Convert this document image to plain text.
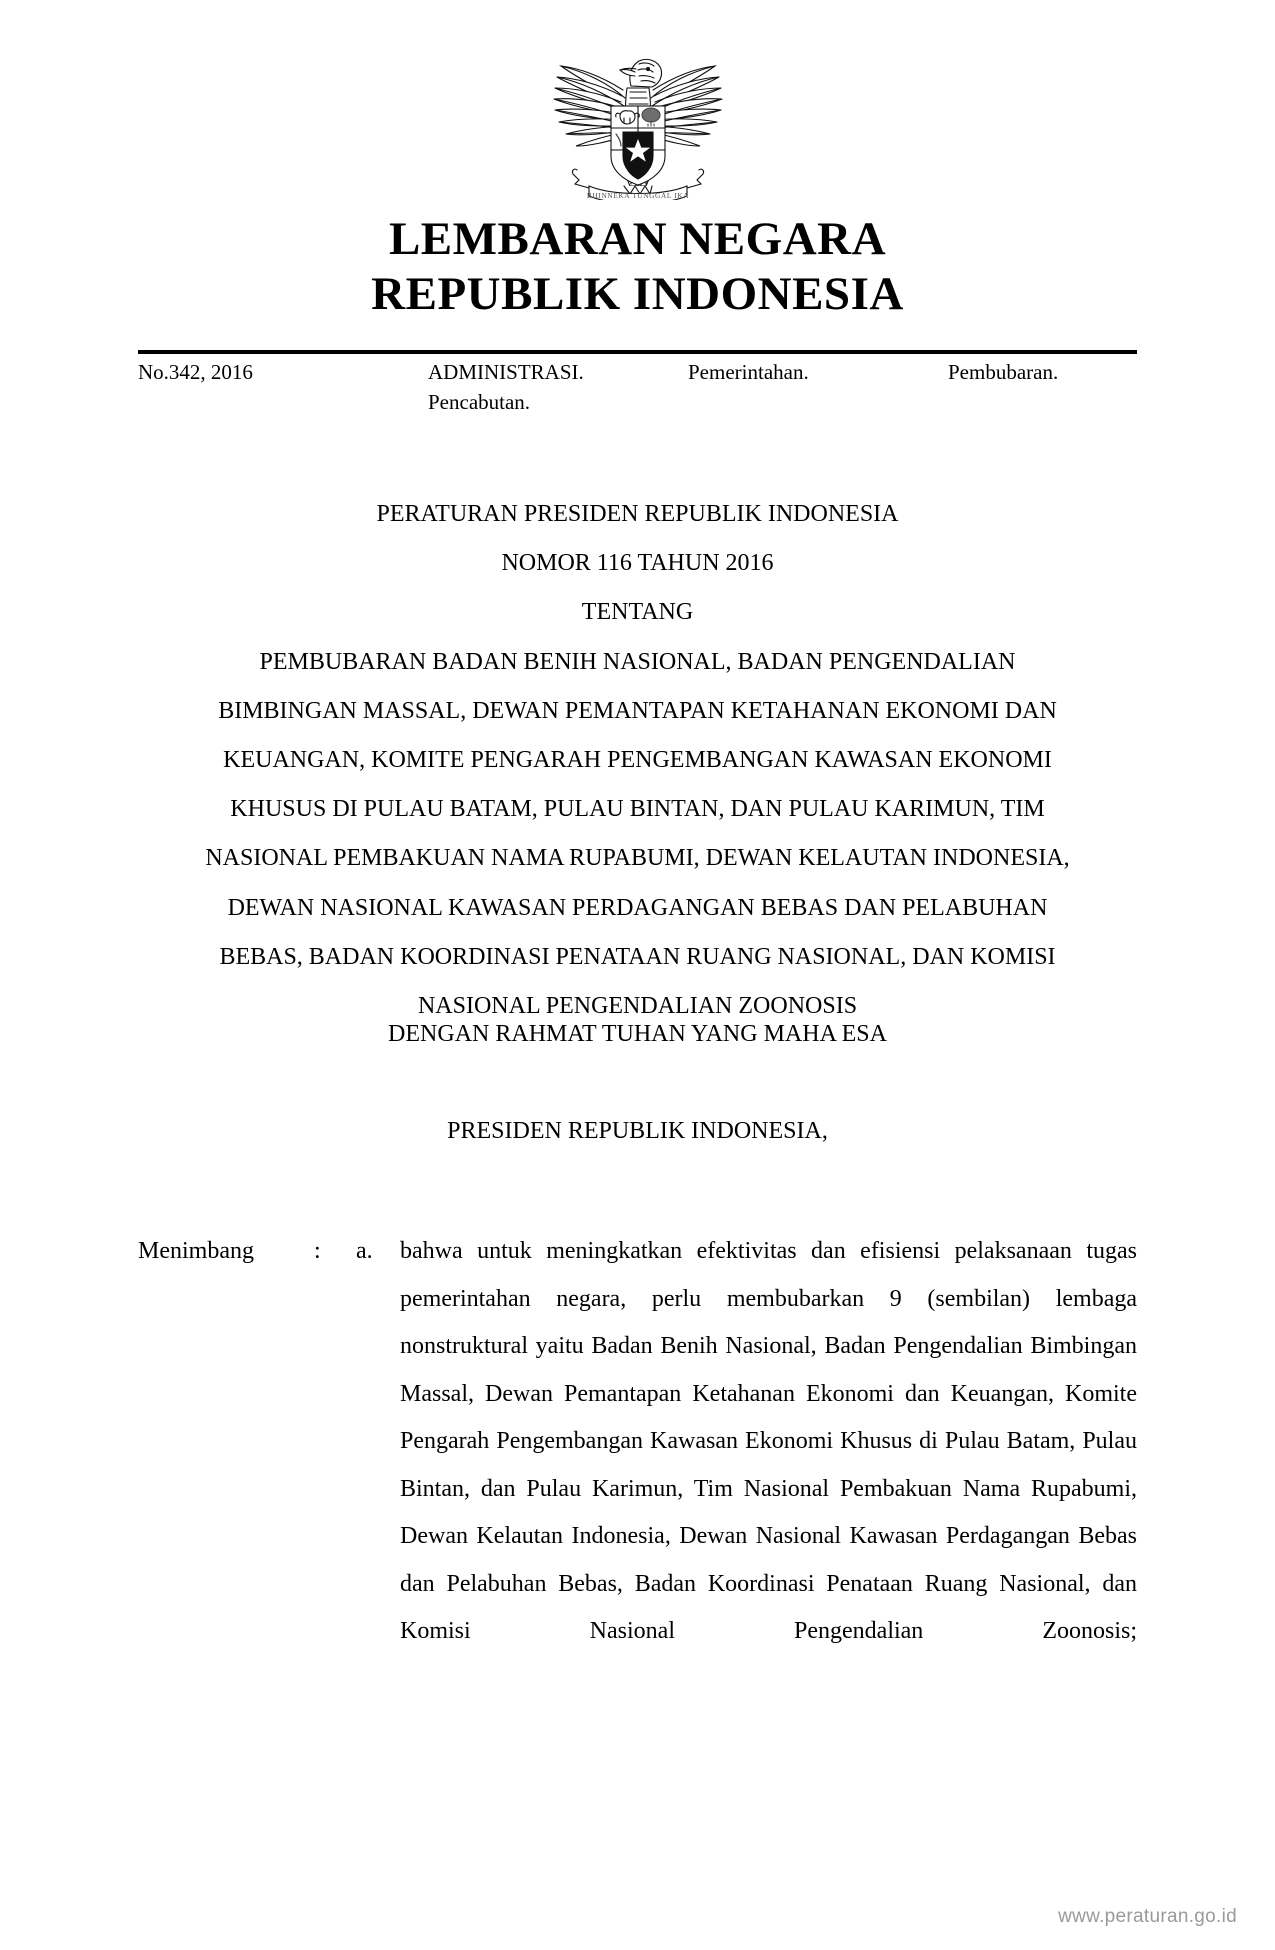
BHINNEKA TUNGGAL IKA
LEMBARAN NEGARA
REPUBLIK INDONESIA
No.342, 2016	ADMINISTRASI.	Pemerintahan.	Pembubaran.
Pencabutan.
PERATURAN PRESIDEN REPUBLIK INDONESIA
NOMOR 116 TAHUN 2016
TENTANG
PEMBUBARAN BADAN BENIH NASIONAL, BADAN PENGENDALIAN
BIMBINGAN MASSAL, DEWAN PEMANTAPAN KETAHANAN EKONOMI DAN
KEUANGAN, KOMITE PENGARAH PENGEMBANGAN KAWASAN EKONOMI
KHUSUS DI PULAU BATAM, PULAU BINTAN, DAN PULAU KARIMUN, TIM
NASIONAL PEMBAKUAN NAMA RUPABUMI, DEWAN KELAUTAN INDONESIA,
DEWAN NASIONAL KAWASAN PERDAGANGAN BEBAS DAN PELABUHAN
BEBAS, BADAN KOORDINASI PENATAAN RUANG NASIONAL, DAN KOMISI
NASIONAL PENGENDALIAN ZOONOSIS
DENGAN RAHMAT TUHAN YANG MAHA ESA
PRESIDEN REPUBLIK INDONESIA,
Menimbang	:	a.	bahwa untuk meningkatkan efektivitas dan efisiensi pelaksanaan tugas pemerintahan negara, perlu membubarkan 9 (sembilan) lembaga nonstruktural yaitu Badan Benih Nasional, Badan Pengendalian Bimbingan Massal, Dewan Pemantapan Ketahanan Ekonomi dan Keuangan, Komite Pengarah Pengembangan Kawasan Ekonomi Khusus di Pulau Batam, Pulau Bintan, dan Pulau Karimun, Tim Nasional Pembakuan Nama Rupabumi, Dewan Kelautan Indonesia, Dewan Nasional Kawasan Perdagangan Bebas dan Pelabuhan Bebas, Badan Koordinasi Penataan Ruang Nasional, dan Komisi Nasional Pengendalian Zoonosis;
www.peraturan.go.id
